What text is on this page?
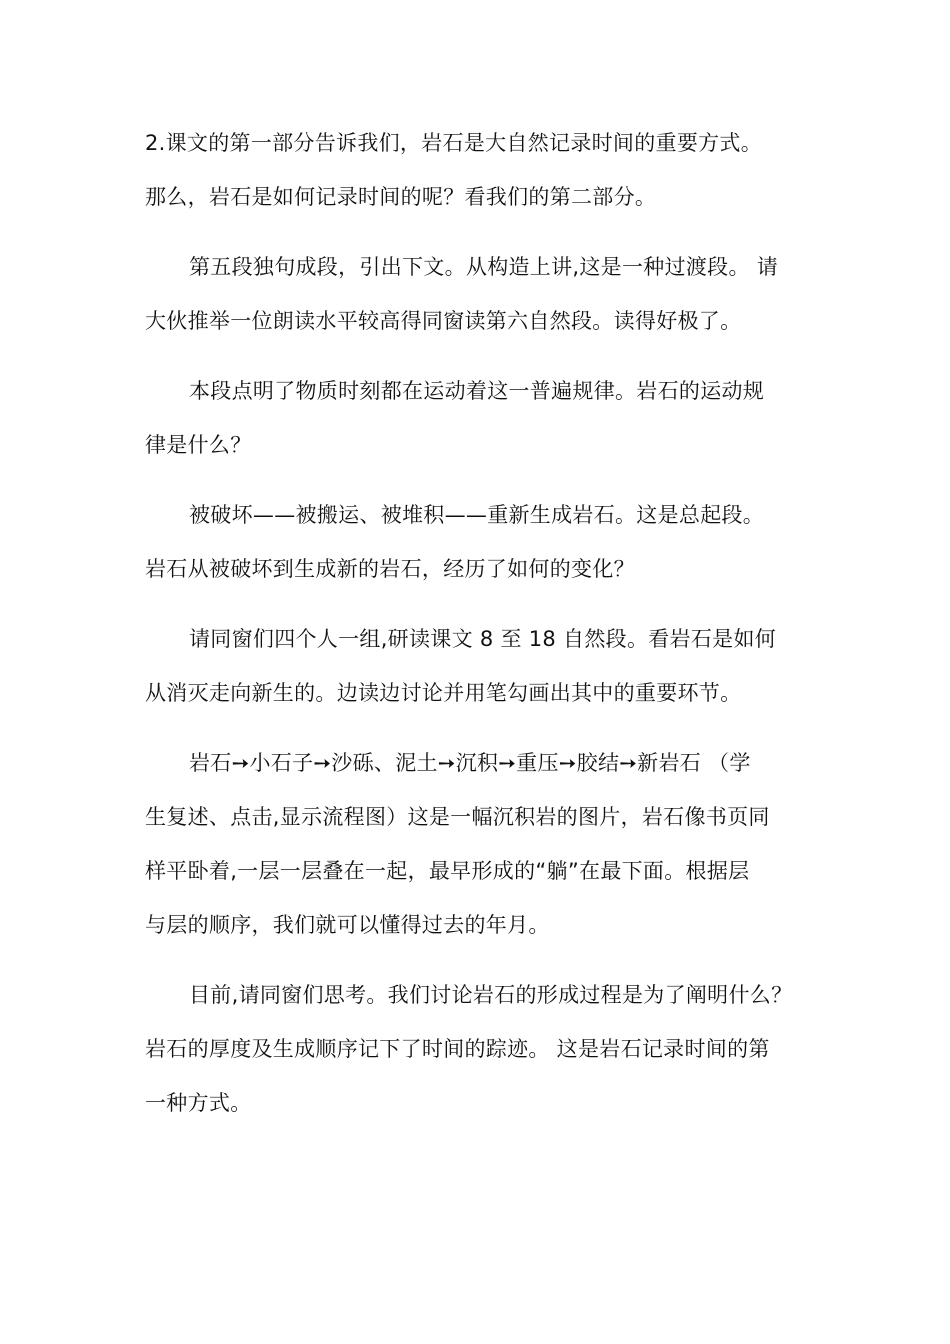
2.课文的第一部分告诉我们，岩石是大自然记录时间的重要方式。

那么，岩石是如何记录时间的呢？看我们的第二部分。

第五段独句成段，引出下文。从构造上讲,这是一种过渡段。 请

大伙推举一位朗读水平较高得同窗读第六自然段。读得好极了。

本段点明了物质时刻都在运动着这一普遍规律。岩石的运动规

律是什么？

被破坏——被搬运、被堆积——重新生成岩石。这是总起段。

岩石从被破坏到生成新的岩石，经历了如何的变化？

请同窗们四个人一组,研读课文 8 至 18 自然段。看岩石是如何

从消灭走向新生的。边读边讨论并用笔勾画出其中的重要环节。

岩石➙小石子➙沙砾、泥土➙沉积➙重压➙胶结➙新岩石 （学

生复述、点击,显示流程图）这是一幅沉积岩的图片，岩石像书页同

样平卧着,一层一层叠在一起，最早形成的“躺”在最下面。根据层

与层的顺序，我们就可以懂得过去的年月。

目前,请同窗们思考。我们讨论岩石的形成过程是为了阐明什么？

岩石的厚度及生成顺序记下了时间的踪迹。 这是岩石记录时间的第

一种方式。
